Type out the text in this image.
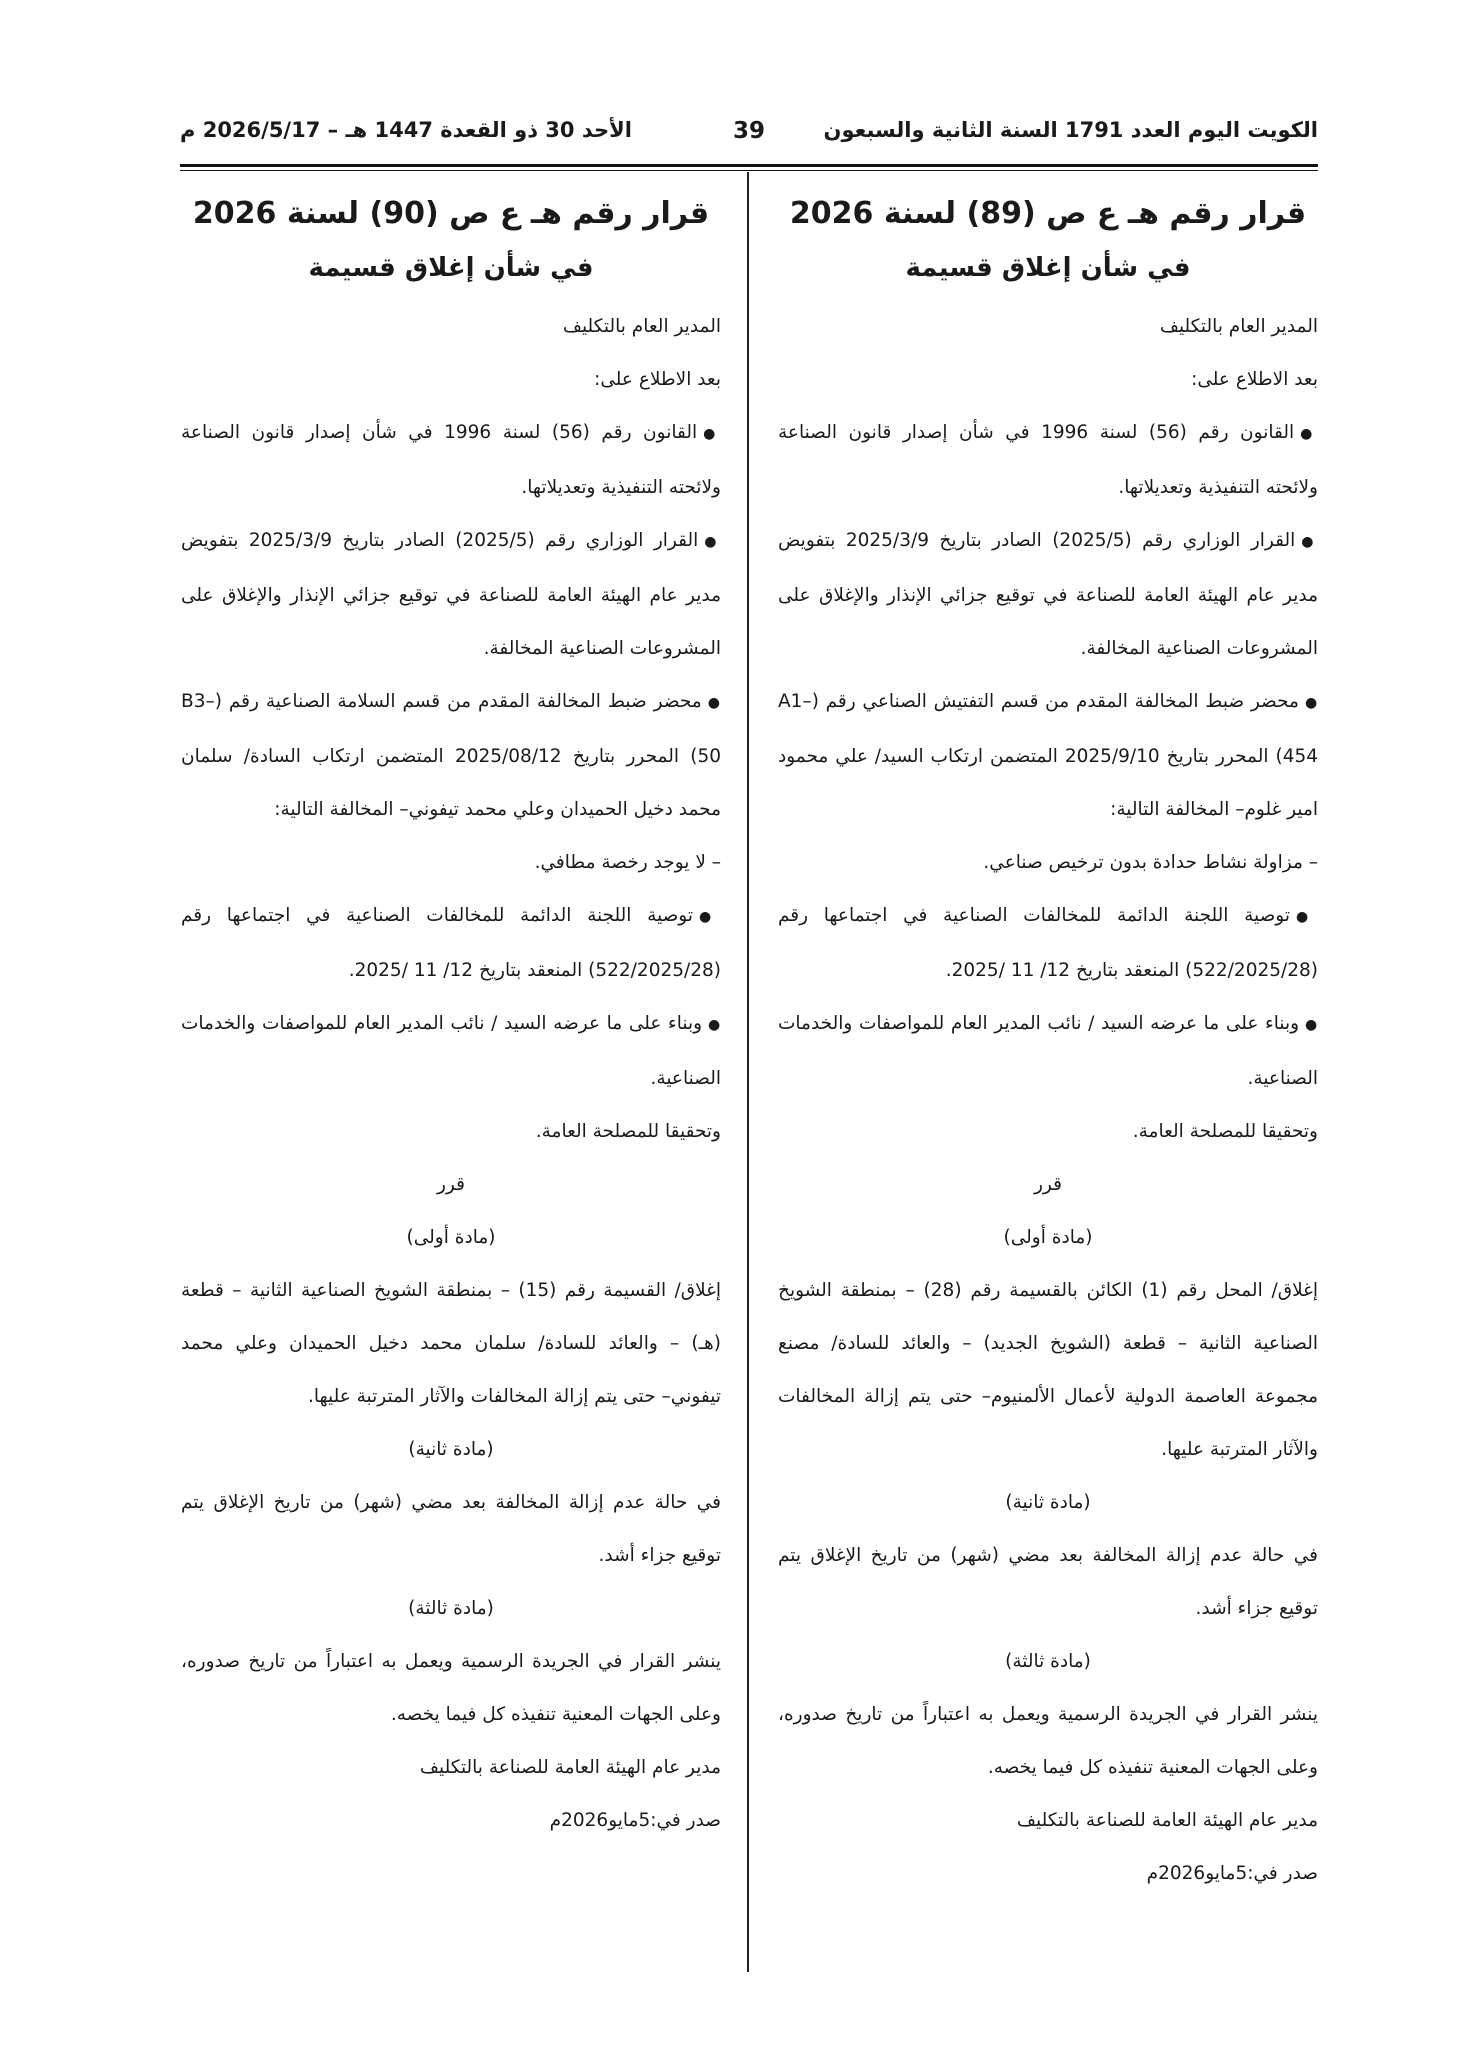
الأحد 30 ذو القعدة 1447 هـ – 2026/5/17 م	39	الكويت اليوم العدد 1791 السنة الثانية والسبعون
قرار رقم هـ ع ص (89) لسنة 2026
في شأن إغلاق قسيمة

المدير العام بالتكليف

بعد الاطلاع على:

● القانون رقم (56) لسنة 1996 في شأن إصدار قانون الصناعة ولائحته التنفيذية وتعديلاتها.

● القرار الوزاري رقم (2025/5) الصادر بتاريخ 2025/3/9 بتفويض مدير عام الهيئة العامة للصناعة في توقيع جزائي الإنذار والإغلاق على المشروعات الصناعية المخالفة.

● محضر ضبط المخالفة المقدم من قسم التفتيش الصناعي رقم (A1–454) المحرر بتاريخ 2025/9/10 المتضمن ارتكاب السيد/ علي محمود امير غلوم– المخالفة التالية:

– مزاولة نشاط حدادة بدون ترخيص صناعي.

● توصية اللجنة الدائمة للمخالفات الصناعية في اجتماعها رقم (522/2025/28) المنعقد بتاريخ 12/ 11 /2025.

● وبناء على ما عرضه السيد / نائب المدير العام للمواصفات والخدمات الصناعية.

وتحقيقا للمصلحة العامة.

قرر

(مادة أولى)

إغلاق/ المحل رقم (1) الكائن بالقسيمة رقم (28) – بمنطقة الشويخ الصناعية الثانية – قطعة (الشويخ الجديد) – والعائد للسادة/ مصنع مجموعة العاصمة الدولية لأعمال الألمنيوم– حتى يتم إزالة المخالفات والآثار المترتبة عليها.

(مادة ثانية)

في حالة عدم إزالة المخالفة بعد مضي (شهر) من تاريخ الإغلاق يتم توقيع جزاء أشد.

(مادة ثالثة)

ينشر القرار في الجريدة الرسمية ويعمل به اعتباراً من تاريخ صدوره، وعلى الجهات المعنية تنفيذه كل فيما يخصه.

مدير عام الهيئة العامة للصناعة بالتكليف

صدر في:5مايو2026م

قرار رقم هـ ع ص (90) لسنة 2026
في شأن إغلاق قسيمة

المدير العام بالتكليف

بعد الاطلاع على:

● القانون رقم (56) لسنة 1996 في شأن إصدار قانون الصناعة ولائحته التنفيذية وتعديلاتها.

● القرار الوزاري رقم (2025/5) الصادر بتاريخ 2025/3/9 بتفويض مدير عام الهيئة العامة للصناعة في توقيع جزائي الإنذار والإغلاق على المشروعات الصناعية المخالفة.

● محضر ضبط المخالفة المقدم من قسم السلامة الصناعية رقم (B3–50) المحرر بتاريخ 2025/08/12 المتضمن ارتكاب السادة/ سلمان محمد دخيل الحميدان وعلي محمد تيفوني– المخالفة التالية:

– لا يوجد رخصة مطافي.

● توصية اللجنة الدائمة للمخالفات الصناعية في اجتماعها رقم (522/2025/28) المنعقد بتاريخ 12/ 11 /2025.

● وبناء على ما عرضه السيد / نائب المدير العام للمواصفات والخدمات الصناعية.

وتحقيقا للمصلحة العامة.

قرر

(مادة أولى)

إغلاق/ القسيمة رقم (15) – بمنطقة الشويخ الصناعية الثانية – قطعة (هـ) – والعائد للسادة/ سلمان محمد دخيل الحميدان وعلي محمد تيفوني– حتى يتم إزالة المخالفات والآثار المترتبة عليها.

(مادة ثانية)

في حالة عدم إزالة المخالفة بعد مضي (شهر) من تاريخ الإغلاق يتم توقيع جزاء أشد.

(مادة ثالثة)

ينشر القرار في الجريدة الرسمية ويعمل به اعتباراً من تاريخ صدوره، وعلى الجهات المعنية تنفيذه كل فيما يخصه.

مدير عام الهيئة العامة للصناعة بالتكليف

صدر في:5مايو2026م
